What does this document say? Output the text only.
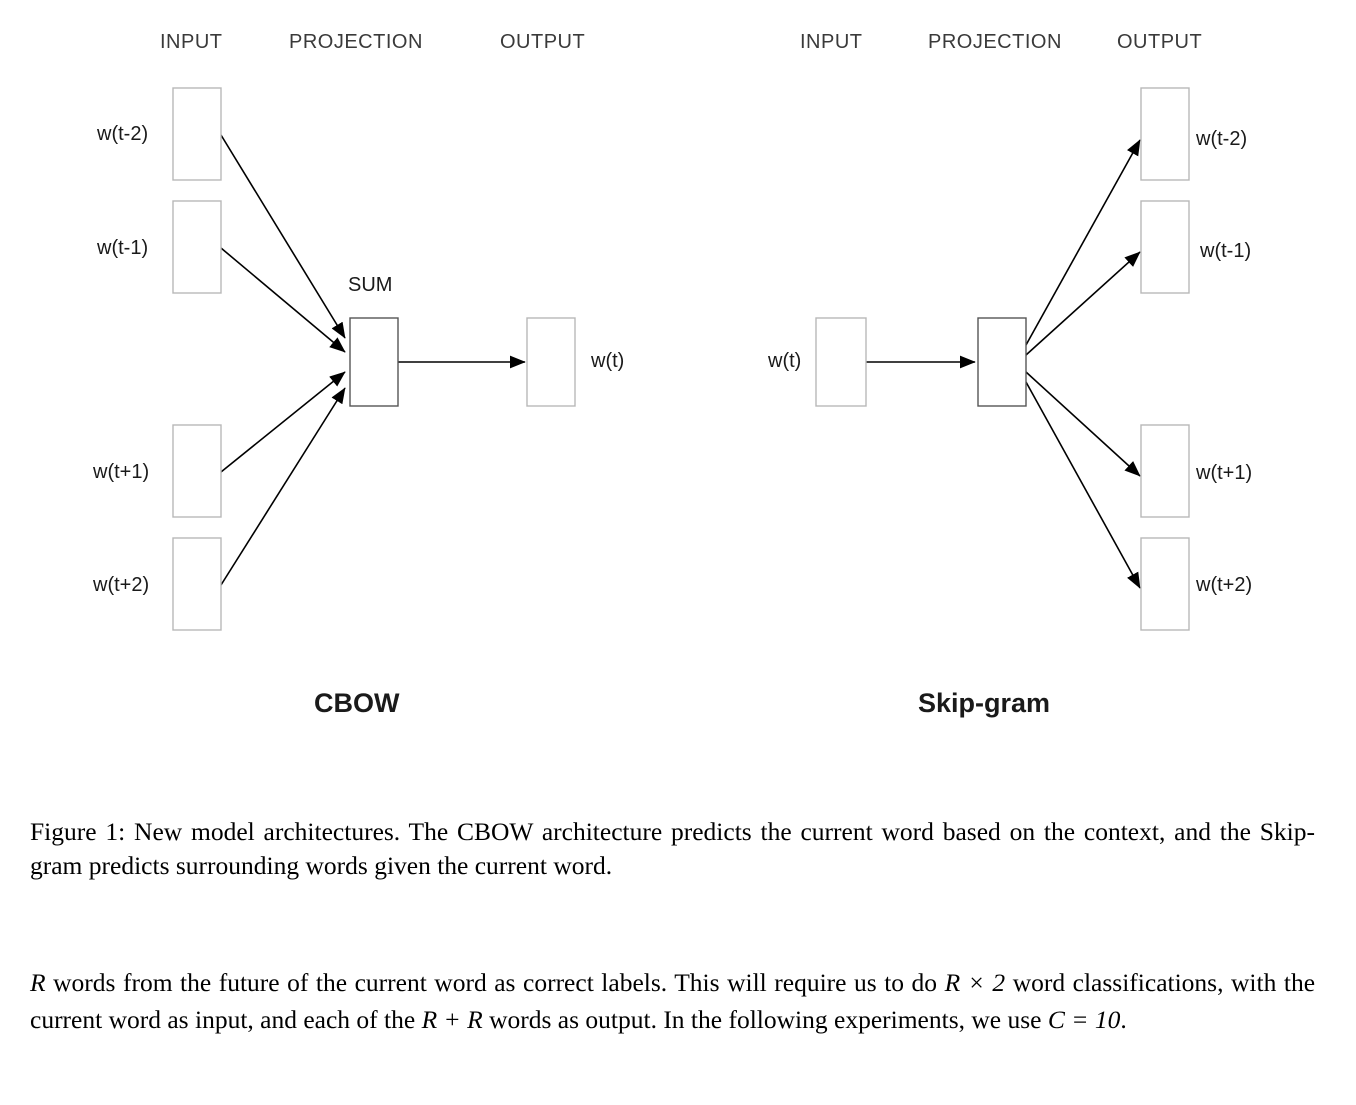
INPUT	PROJECTION	OUTPUT	INPUT	PROJECTION	OUTPUT
w(t-2)
w(t-1)
w(t+1)
w(t+2)
SUM
w(t)	w(t)
w(t-2)
w(t-1)
w(t+1)
w(t+2)
CBOW	Skip-gram
Figure 1: New model architectures. The CBOW architecture predicts the current word based on the context, and the Skip-gram predicts surrounding words given the current word.
R words from the future of the current word as correct labels. This will require us to do R × 2 word classifications, with the current word as input, and each of the R + R words as output. In the following experiments, we use C = 10.
